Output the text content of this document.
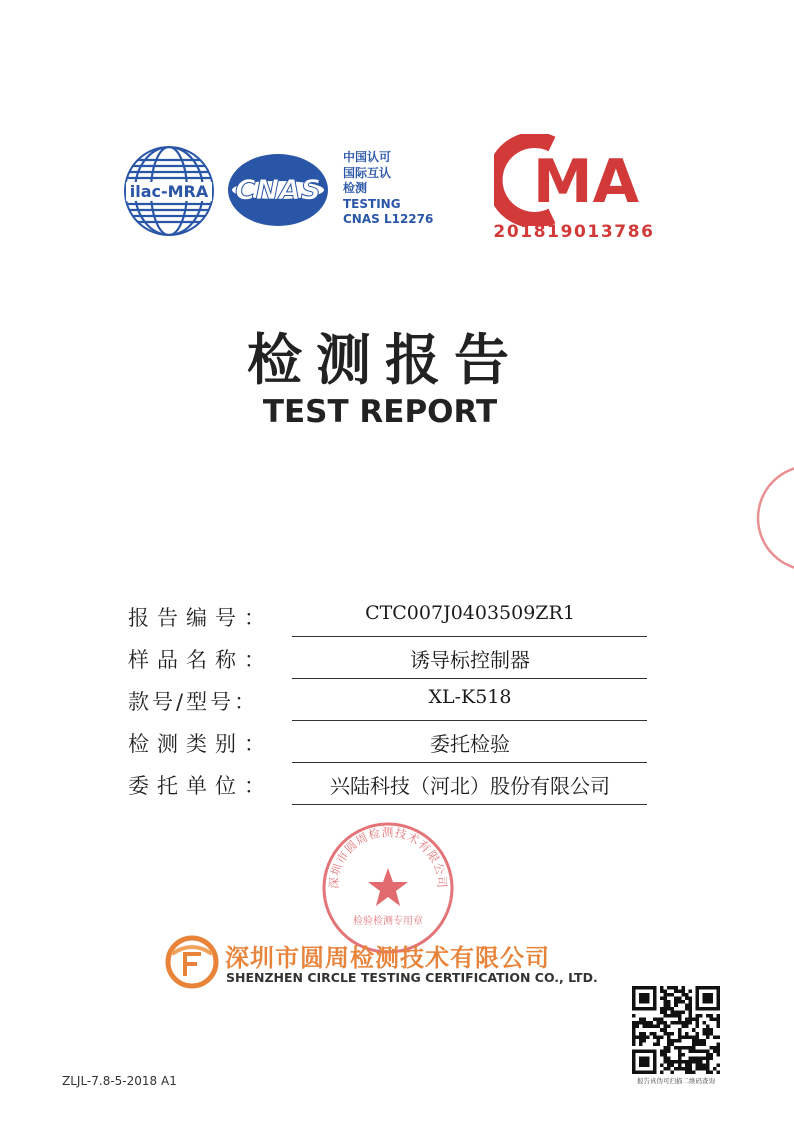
ilac-MRA CNAS
中国认可
国际互认
检测
TESTING
CNAS L12276
MA
201819013786
检测报告
TEST REPORT
报告编号：	CTC007J0403509ZR1
样品名称：	诱导标控制器
款号/型号：	XL-K518
检测类别：	委托检验
委托单位：	兴陆科技（河北）股份有限公司
深圳市圆周检测技术有限公司
检验检测专用章
深圳市圆周检测技术有限公司
SHENZHEN CIRCLE TESTING CERTIFICATION CO., LTD.
报告真伪可扫描二维码查询
ZLJL-7.8-5-2018 A1
